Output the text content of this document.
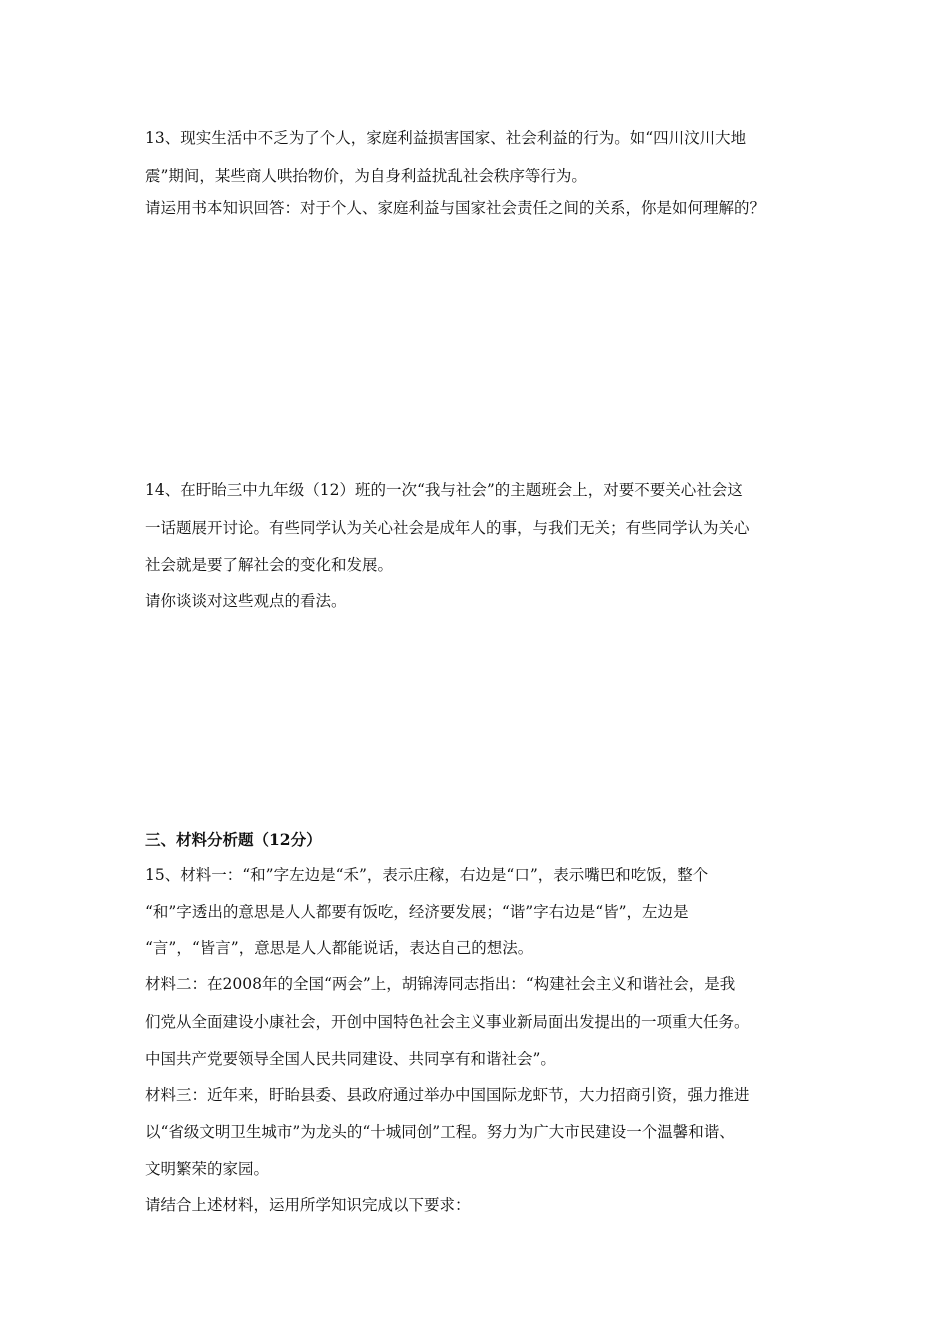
13、现实生活中不乏为了个人，家庭利益损害国家、社会利益的行为。如“四川汶川大地
震”期间，某些商人哄抬物价，为自身利益扰乱社会秩序等行为。
请运用书本知识回答：对于个人、家庭利益与国家社会责任之间的关系，你是如何理解的？
14、在盱眙三中九年级（12）班的一次“我与社会”的主题班会上，对要不要关心社会这
一话题展开讨论。有些同学认为关心社会是成年人的事，与我们无关；有些同学认为关心
社会就是要了解社会的变化和发展。
请你谈谈对这些观点的看法。
三、材料分析题（12分）
15、材料一：“和”字左边是“禾”，表示庄稼，右边是“口”，表示嘴巴和吃饭，整个
“和”字透出的意思是人人都要有饭吃，经济要发展；“谐”字右边是“皆”，左边是
“言”，“皆言”，意思是人人都能说话，表达自己的想法。
材料二：在2008年的全国“两会”上，胡锦涛同志指出：“构建社会主义和谐社会，是我
们党从全面建设小康社会，开创中国特色社会主义事业新局面出发提出的一项重大任务。
中国共产党要领导全国人民共同建设、共同享有和谐社会”。
材料三：近年来，盱眙县委、县政府通过举办中国国际龙虾节，大力招商引资，强力推进
以“省级文明卫生城市”为龙头的“十城同创”工程。努力为广大市民建设一个温馨和谐、
文明繁荣的家园。
请结合上述材料，运用所学知识完成以下要求：
